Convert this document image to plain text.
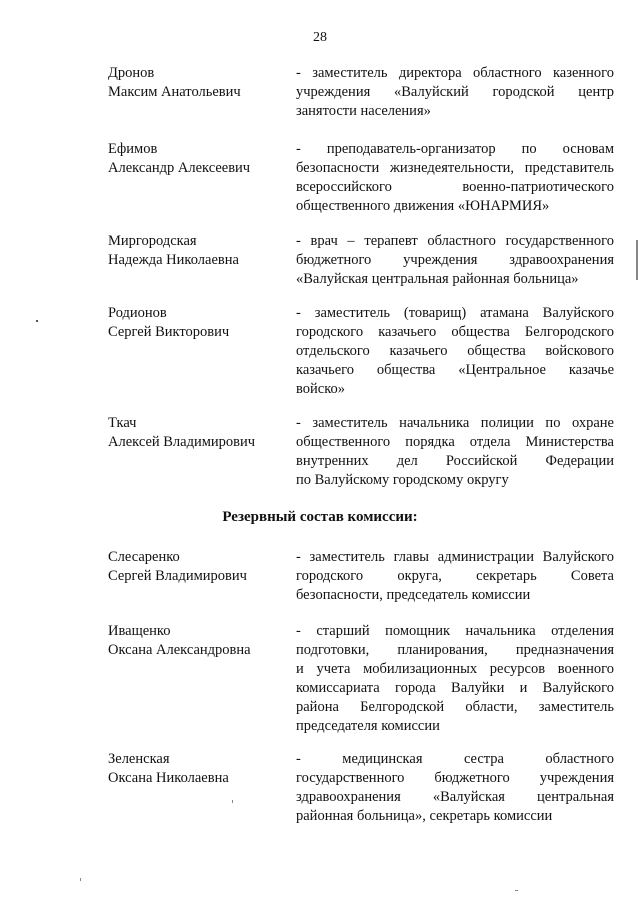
28
Дронов
Максим Анатольевич
- заместитель директора областного казенного
учреждения «Валуйский городской центр
занятости населения»
Ефимов
Александр Алексеевич
- преподаватель-организатор по основам
безопасности жизнедеятельности, представитель
всероссийского военно-патриотического
общественного движения «ЮНАРМИЯ»
Миргородская
Надежда Николаевна
- врач – терапевт областного государственного
бюджетного учреждения здравоохранения
«Валуйская центральная районная больница»
Родионов
Сергей Викторович
- заместитель (товарищ) атамана Валуйского
городского казачьего общества Белгородского
отдельского казачьего общества войскового
казачьего общества «Центральное казачье
войско»
Ткач
Алексей Владимирович
- заместитель начальника полиции по охране
общественного порядка отдела Министерства
внутренних дел Российской Федерации
по Валуйскому городскому округу
Резервный состав комиссии:
Слесаренко
Сергей Владимирович
- заместитель главы администрации Валуйского
городского округа, секретарь Совета
безопасности, председатель комиссии
Иващенко
Оксана Александровна
- старший помощник начальника отделения
подготовки, планирования, предназначения
и учета мобилизационных ресурсов военного
комиссариата города Валуйки и Валуйского
района Белгородской области, заместитель
председателя комиссии
Зеленская
Оксана Николаевна
- медицинская сестра областного
государственного бюджетного учреждения
здравоохранения «Валуйская центральная
районная больница», секретарь комиссии
